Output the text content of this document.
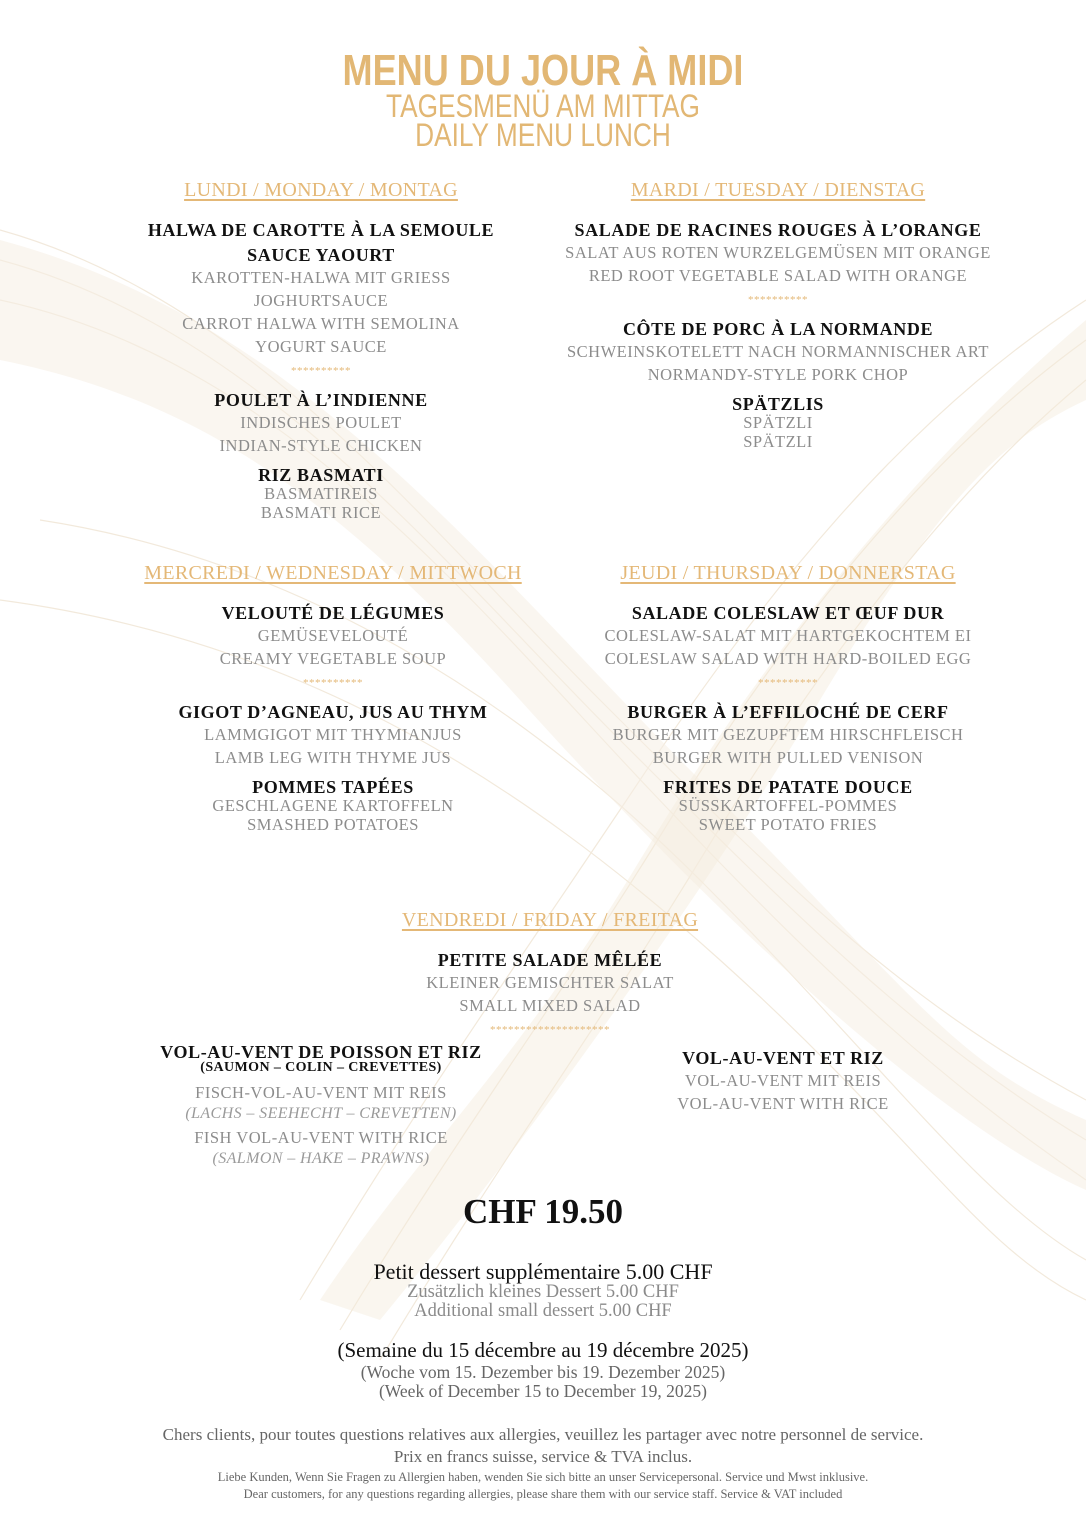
MENU DU JOUR À MIDI
TAGESMENÜ AM MITTAG
DAILY MENU LUNCH
LUNDI / MONDAY / MONTAG
HALWA DE CAROTTE À LA SEMOULE
SAUCE YAOURT
KAROTTEN-HALWA MIT GRIESS
JOGHURTSAUCE
CARROT HALWA WITH SEMOLINA
YOGURT SAUCE
**********
POULET À L’INDIENNE
INDISCHES POULET
INDIAN-STYLE CHICKEN
RIZ BASMATI
BASMATIREIS
BASMATI RICE
MARDI / TUESDAY / DIENSTAG
SALADE DE RACINES ROUGES À L’ORANGE
SALAT AUS ROTEN WURZELGEMÜSEN MIT ORANGE
RED ROOT VEGETABLE SALAD WITH ORANGE
**********
CÔTE DE PORC À LA NORMANDE
SCHWEINSKOTELETT NACH NORMANNISCHER ART
NORMANDY-STYLE PORK CHOP
SPÄTZLIS
SPÄTZLI
SPÄTZLI
MERCREDI / WEDNESDAY / MITTWOCH
VELOUTÉ DE LÉGUMES
GEMÜSEVELOUTÉ
CREAMY VEGETABLE SOUP
**********
GIGOT D’AGNEAU, JUS AU THYM
LAMMGIGOT MIT THYMIANJUS
LAMB LEG WITH THYME JUS
POMMES TAPÉES
GESCHLAGENE KARTOFFELN
SMASHED POTATOES
JEUDI / THURSDAY / DONNERSTAG
SALADE COLESLAW ET ŒUF DUR
COLESLAW-SALAT MIT HARTGEKOCHTEM EI
COLESLAW SALAD WITH HARD-BOILED EGG
**********
BURGER À L’EFFILOCHÉ DE CERF
BURGER MIT GEZUPFTEM HIRSCHFLEISCH
BURGER WITH PULLED VENISON
FRITES DE PATATE DOUCE
SÜSSKARTOFFEL-POMMES
SWEET POTATO FRIES
VENDREDI / FRIDAY / FREITAG
PETITE SALADE MÊLÉE
KLEINER GEMISCHTER SALAT
SMALL MIXED SALAD
********************
VOL-AU-VENT DE POISSON ET RIZ
(SAUMON – COLIN – CREVETTES)
FISCH-VOL-AU-VENT MIT REIS
(LACHS – SEEHECHT – CREVETTEN)
FISH VOL-AU-VENT WITH RICE
(SALMON – HAKE – PRAWNS)
VOL-AU-VENT ET RIZ
VOL-AU-VENT MIT REIS
VOL-AU-VENT WITH RICE
CHF 19.50
Petit dessert supplémentaire 5.00 CHF
Zusätzlich kleines Dessert 5.00 CHF
Additional small dessert 5.00 CHF
(Semaine du 15 décembre au 19 décembre 2025)
(Woche vom 15. Dezember bis 19. Dezember 2025)
(Week of December 15 to December 19, 2025)
Chers clients, pour toutes questions relatives aux allergies, veuillez les partager avec notre personnel de service.
Prix en francs suisse, service & TVA inclus.
Liebe Kunden, Wenn Sie Fragen zu Allergien haben, wenden Sie sich bitte an unser Servicepersonal. Service und Mwst inklusive.
Dear customers, for any questions regarding allergies, please share them with our service staff. Service & VAT included
